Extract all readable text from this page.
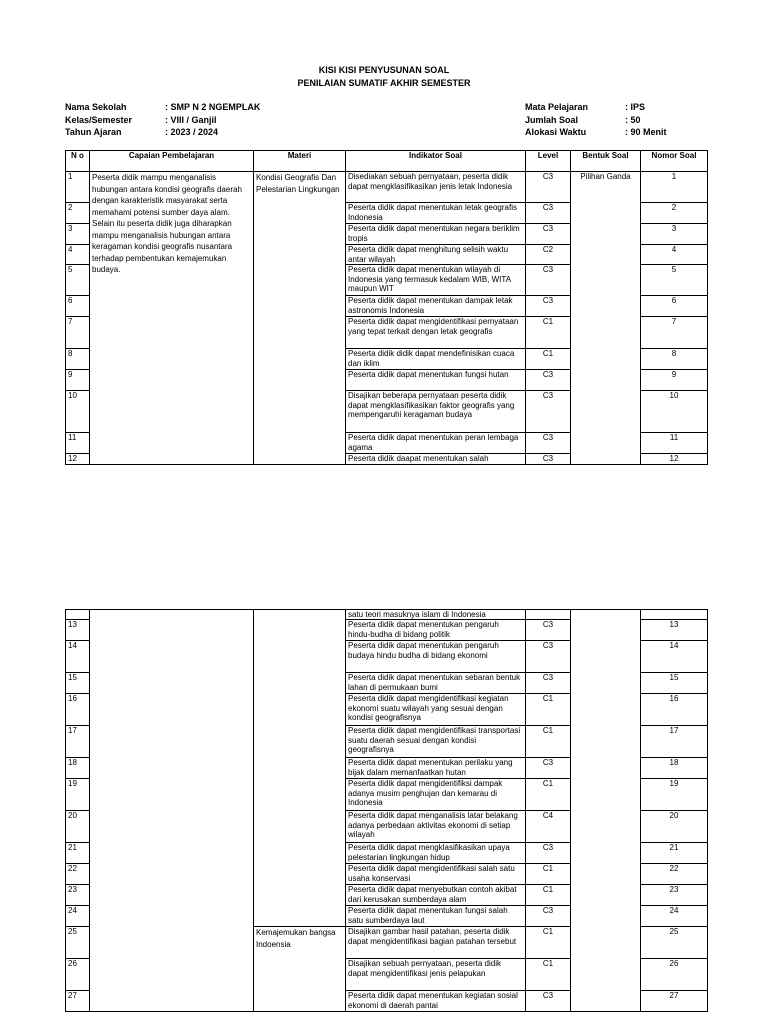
KISI KISI PENYUSUNAN SOAL
PENILAIAN SUMATIF AKHIR SEMESTER
Nama Sekolah	: SMP N 2 NGEMPLAK
Kelas/Semester	: VIII / Ganjil
Tahun Ajaran	: 2023 / 2024
Mata Pelajaran	: IPS
Jumlah Soal	: 50
Alokasi Waktu	: 90 Menit
N o	Capaian Pembelajaran	Materi	Indikator Soal	Level	Bentuk Soal	Nomor Soal
1	Peserta didik mampu menganalisis hubungan antara kondisi geografis daerah dengan karakteristik masyarakat serta memahami potensi sumber daya alam. Selain itu peserta didik juga diharapkan mampu menganalisis hubungan antara keragaman kondisi geografis nusantara terhadap pembentukan kemajemukan budaya.	Kondisi Geografis Dan Pelestarian Lingkungan	Disediakan sebuah pernyataan, peserta didik dapat mengklasifikasikan jenis letak Indonesia	C3	Pilihan Ganda	1
2			Peserta didik dapat menentukan letak geografis Indonesia	C3		2
3			Peserta didik dapat menentukan negara beriklim tropis	C3		3
4			Peserta didik dapat menghitung selisih waktu antar wilayah	C2		4
5			Peserta didik dapat menentukan wilayah di Indonesia yang termasuk kedalam WIB, WITA maupun WIT	C3		5
6			Peserta didik dapat menentukan dampak letak astronomis Indonesia	C3		6
7			Peserta didik dapat mengidentifikasi pernyataan yang tepat terkait dengan letak geografis	C1		7
8			Peserta didik didik dapat mendefinisikan cuaca dan iklim	C1		8
9			Peserta didik dapat menentukan fungsi hutan	C3		9
10			Disajikan beberapa pernyataan peserta didik dapat mengklasifikasikan faktor geografis yang mempengaruhi keragaman budaya	C3		10
11			Peserta didik dapat menentukan peran lembaga agama	C3		11
12			Peserta didik daapat menentukan salah	C3		12
			satu teori masuknya islam di Indonesia			
13			Peserta didik dapat menentukan pengaruh hindu-budha di bidang politik	C3		13
14			Peserta didik dapat menentukan pengaruh budaya hindu budha di bidang ekonomi	C3		14
15			Peserta didik dapat menentukan sebaran bentuk lahan di permukaan bumi	C3		15
16			Peserta didik dapat mengidentifikasi kegiatan ekonomi suatu wilayah yang sesuai dengan kondisi geografisnya	C1		16
17			Peserta didik dapat mengidentifikasi transportasi suatu daerah sesuai dengan kondisi geografisnya	C1		17
18			Peserta didik dapat menentukan perilaku yang bijak dalam memanfaatkan hutan	C3		18
19			Peserta didik dapat mengidentifiksi dampak adanya musim penghujan dan kemarau di Indonesia	C1		19
20			Peserta didik dapat menganalisis latar belakang adanya perbedaan aktivitas ekonomi di setiap wilayah	C4		20
21			Peserta didik dapat mengklasifikasikan upaya pelestarian lingkungan hidup	C3		21
22			Peserta didik dapat mengidentifikasi salah satu usaha konservasi	C1		22
23			Peserta didik dapat menyebutkan contoh akibat dari kerusakan sumberdaya alam	C1		23
24			Peserta didik dapat menentukan fungsi salah satu sumberdaya laut	C3		24
25		Kemajemukan bangsa Indoensia	Disajikan gambar hasil patahan, peserta didik dapat mengidentifikasi bagian patahan tersebut	C1		25
26			Disajikan sebuah pernyataan, peserta didik dapat mengidentifikasi jenis pelapukan	C1		26
27			Peserta didik dapat menentukan kegiatan sosial ekonomi di daerah pantai	C3		27
